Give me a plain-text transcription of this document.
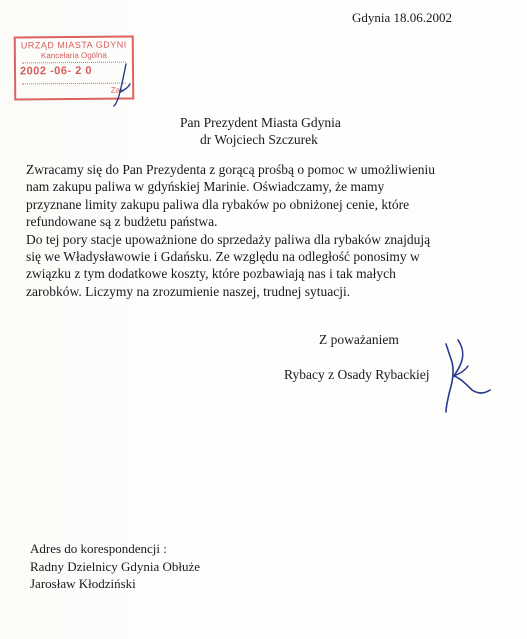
Gdynia 18.06.2002
URZĄD MIASTA GDYNI
Kancelaria Ogólna
2002 -06- 2 0
Zał.
Pan Prezydent Miasta Gdynia
dr Wojciech Szczurek
Zwracamy się do Pan Prezydenta z gorącą prośbą o pomoc w umożliwieniu
nam zakupu paliwa w gdyńskiej Marinie. Oświadczamy, że mamy
przyznane limity zakupu paliwa dla rybaków po obniżonej cenie, które
refundowane są z budżetu państwa.
Do tej pory stacje upoważnione do sprzedaży paliwa dla rybaków znajdują
się we Władysławowie i Gdańsku. Ze względu na odległość ponosimy w
związku z tym dodatkowe koszty, które pozbawiają nas i tak małych
zarobków. Liczymy na zrozumienie naszej, trudnej sytuacji.
Z poważaniem
Rybacy z Osady Rybackiej
Adres do korespondencji :
Radny Dzielnicy Gdynia Obłuże
Jarosław Kłodziński
